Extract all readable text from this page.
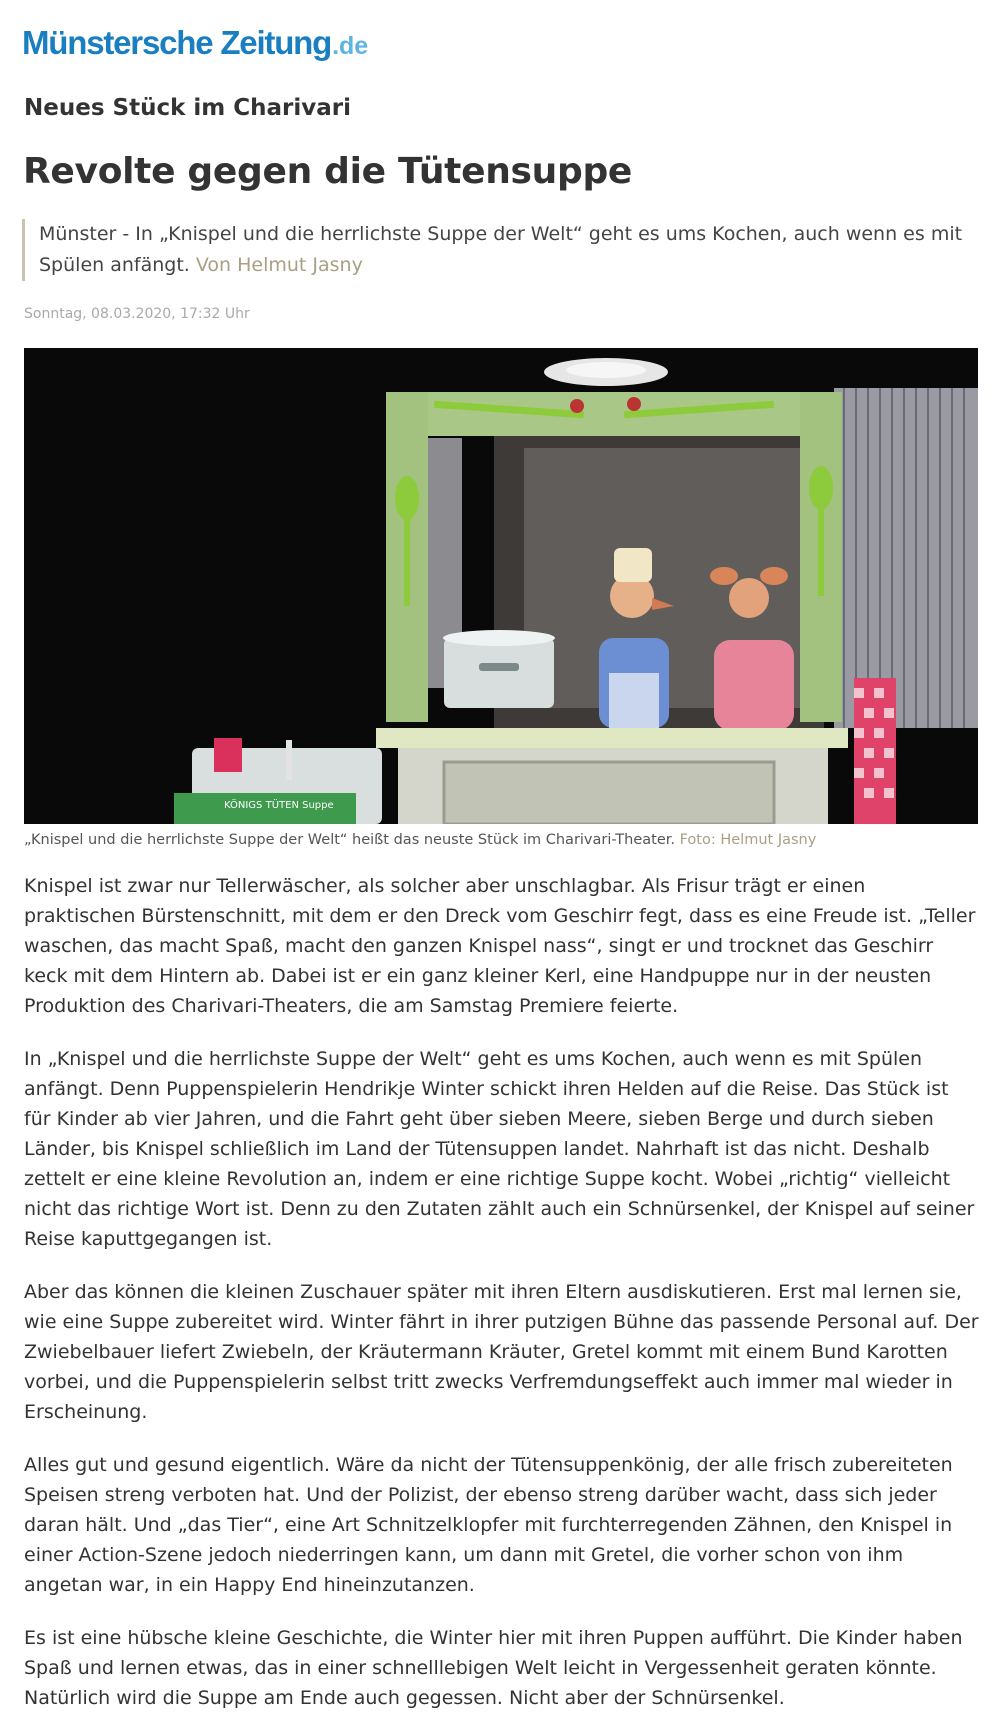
Münstersche Zeitung.de
Neues Stück im Charivari
Revolte gegen die Tütensuppe
Münster - In „Knispel und die herrlichste Suppe der Welt“ geht es ums Kochen, auch wenn es mit Spülen anfängt. Von Helmut Jasny
Sonntag, 08.03.2020, 17:32 Uhr
KÖNIGS TÜTEN Suppe
„Knispel und die herrlichste Suppe der Welt“ heißt das neuste Stück im Charivari-Theater. Foto: Helmut Jasny

Knispel ist zwar nur Tellerwäscher, als solcher aber unschlagbar. Als Frisur trägt er einen praktischen Bürstenschnitt, mit dem er den Dreck vom Geschirr fegt, dass es eine Freude ist. „Teller waschen, das macht Spaß, macht den ganzen Knispel nass“, singt er und trocknet das Geschirr keck mit dem Hintern ab. Dabei ist er ein ganz kleiner Kerl, eine Handpuppe nur in der neusten Produktion des Charivari-Theaters, die am Samstag Premiere feierte.

In „Knispel und die herrlichste Suppe der Welt“ geht es ums Kochen, auch wenn es mit Spülen anfängt. Denn Puppenspielerin Hendrikje Winter schickt ihren Helden auf die Reise. Das Stück ist für Kinder ab vier Jahren, und die Fahrt geht über sieben Meere, sieben Berge und durch sieben Länder, bis Knispel schließlich im Land der Tütensuppen landet. Nahrhaft ist das nicht. Deshalb zettelt er eine kleine Revolution an, indem er eine richtige Suppe kocht. Wobei „richtig“ vielleicht nicht das richtige Wort ist. Denn zu den Zutaten zählt auch ein Schnürsenkel, der Knispel auf seiner Reise kaputtgegangen ist.

Aber das können die kleinen Zuschauer später mit ihren Eltern ausdiskutieren. Erst mal lernen sie, wie eine Suppe zubereitet wird. Winter fährt in ihrer putzigen Bühne das passende Personal auf. Der Zwiebelbauer liefert Zwiebeln, der Kräutermann Kräuter, Gretel kommt mit einem Bund Karotten vorbei, und die Puppenspielerin selbst tritt zwecks Verfremdungseffekt auch immer mal wieder in Erscheinung.

Alles gut und gesund eigentlich. Wäre da nicht der Tütensuppenkönig, der alle frisch zubereiteten Speisen streng verboten hat. Und der Polizist, der ebenso streng darüber wacht, dass sich jeder daran hält. Und „das Tier“, eine Art Schnitzelklopfer mit furchterregenden Zähnen, den Knispel in einer Action-Szene jedoch niederringen kann, um dann mit Gretel, die vorher schon von ihm angetan war, in ein Happy End hineinzutanzen.

Es ist eine hübsche kleine Geschichte, die Winter hier mit ihren Puppen aufführt. Die Kinder haben Spaß und lernen etwas, das in einer schnelllebigen Welt leicht in Vergessenheit geraten könnte. Natürlich wird die Suppe am Ende auch gegessen. Nicht aber der Schnürsenkel.
